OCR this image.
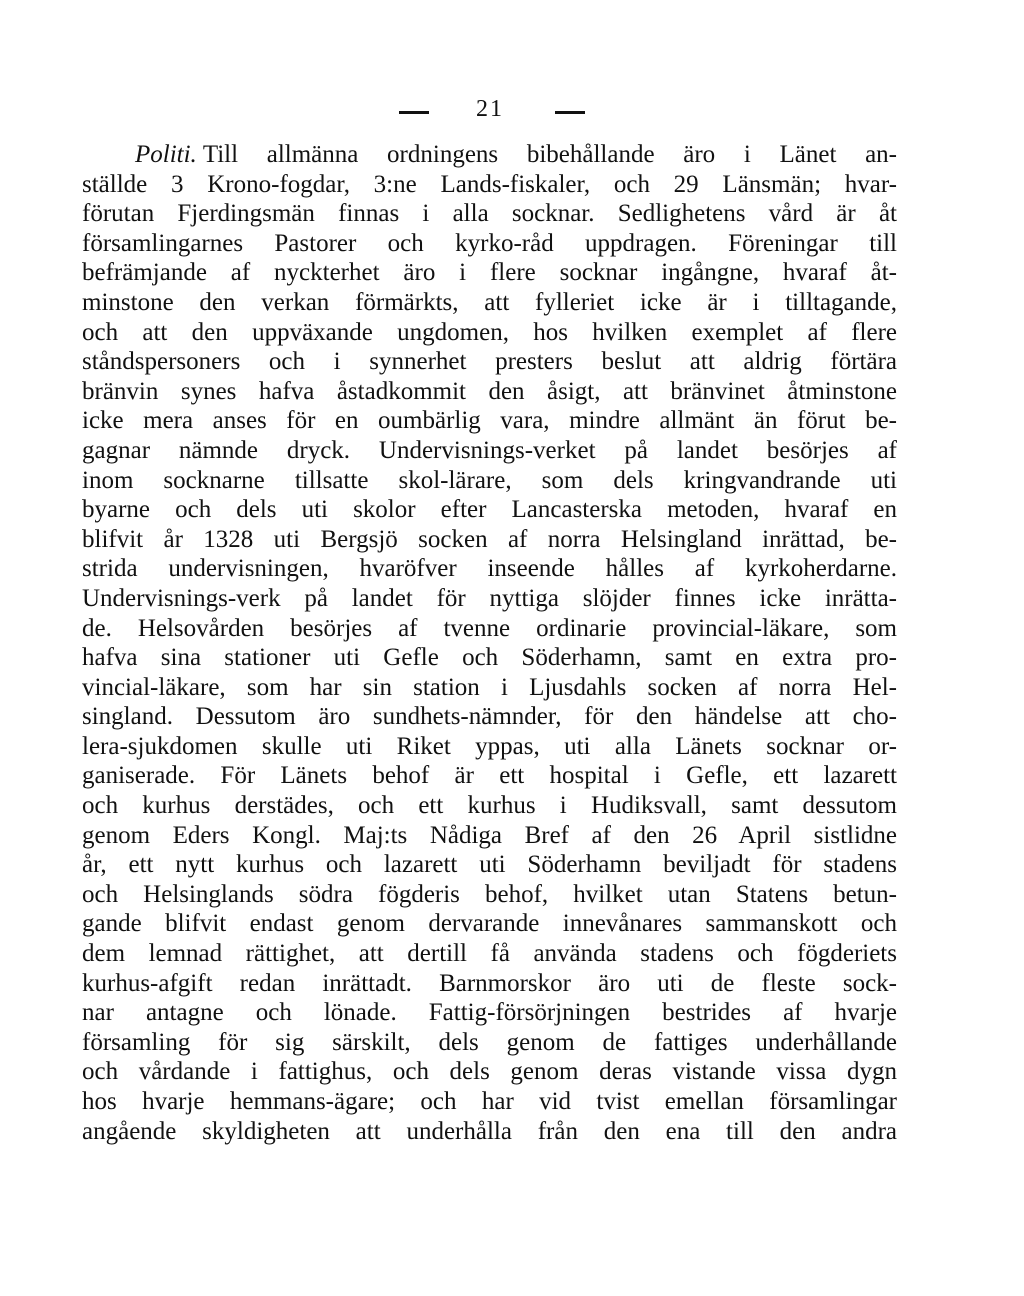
21
Politi. Till allmänna ordningens bibehållande äro i Länet an-
ställde 3 Krono-fogdar, 3:ne Lands-fiskaler, och 29 Länsmän; hvar-
förutan Fjerdingsmän finnas i alla socknar. Sedlighetens vård är åt
församlingarnes Pastorer och kyrko-råd uppdragen. Föreningar till
befrämjande af nyckterhet äro i flere socknar ingångne, hvaraf åt-
minstone den verkan förmärkts, att fylleriet icke är i tilltagande,
och att den uppväxande ungdomen, hos hvilken exemplet af flere
ståndspersoners och i synnerhet presters beslut att aldrig förtära
bränvin synes hafva åstadkommit den åsigt, att bränvinet åtminstone
icke mera anses för en oumbärlig vara, mindre allmänt än förut be-
gagnar nämnde dryck. Undervisnings-verket på landet besörjes af
inom socknarne tillsatte skol-lärare, som dels kringvandrande uti
byarne och dels uti skolor efter Lancasterska metoden, hvaraf en
blifvit år 1328 uti Bergsjö socken af norra Helsingland inrättad, be-
strida undervisningen, hvaröfver inseende hålles af kyrkoherdarne.
Undervisnings-verk på landet för nyttiga slöjder finnes icke inrätta-
de. Helsovården besörjes af tvenne ordinarie provincial-läkare, som
hafva sina stationer uti Gefle och Söderhamn, samt en extra pro-
vincial-läkare, som har sin station i Ljusdahls socken af norra Hel-
singland. Dessutom äro sundhets-nämnder, för den händelse att cho-
lera-sjukdomen skulle uti Riket yppas, uti alla Länets socknar or-
ganiserade. För Länets behof är ett hospital i Gefle, ett lazarett
och kurhus derstädes, och ett kurhus i Hudiksvall, samt dessutom
genom Eders Kongl. Maj:ts Nådiga Bref af den 26 April sistlidne
år, ett nytt kurhus och lazarett uti Söderhamn beviljadt för stadens
och Helsinglands södra fögderis behof, hvilket utan Statens betun-
gande blifvit endast genom dervarande innevånares sammanskott och
dem lemnad rättighet, att dertill få använda stadens och fögderiets
kurhus-afgift redan inrättadt. Barnmorskor äro uti de fleste sock-
nar antagne och lönade. Fattig-försörjningen bestrides af hvarje
församling för sig särskilt, dels genom de fattiges underhållande
och vårdande i fattighus, och dels genom deras vistande vissa dygn
hos hvarje hemmans-ägare; och har vid tvist emellan församlingar
angående skyldigheten att underhålla från den ena till den andra
